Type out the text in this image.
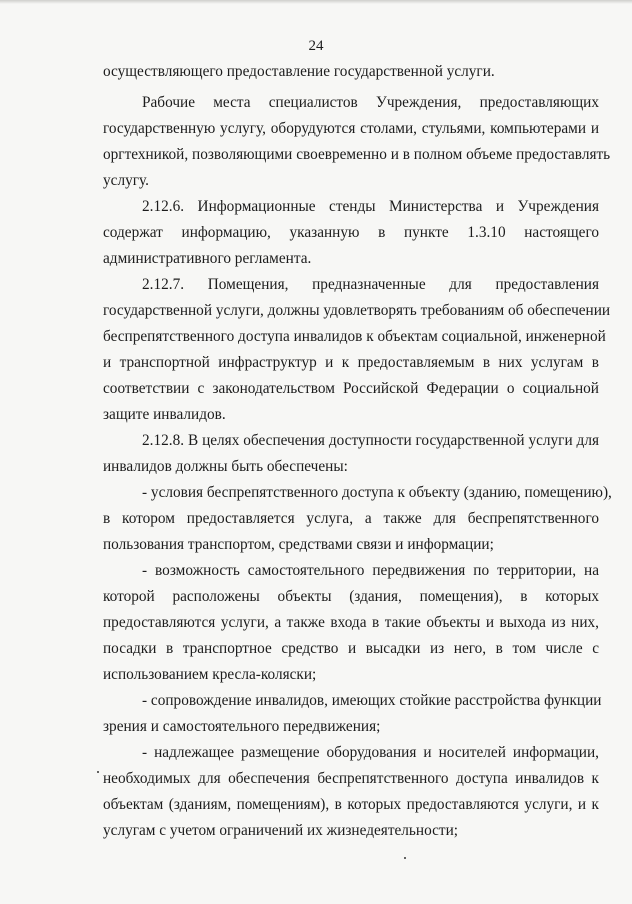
24
осуществляющего предоставление государственной услуги.
Рабочие места специалистов Учреждения, предоставляющих
государственную услугу, оборудуются столами, стульями, компьютерами и
оргтехникой, позволяющими своевременно и в полном объеме предоставлять
услугу.
2.12.6. Информационные стенды Министерства и Учреждения
содержат информацию, указанную в пункте 1.3.10 настоящего
административного регламента.
2.12.7. Помещения, предназначенные для предоставления
государственной услуги, должны удовлетворять требованиям об обеспечении
беспрепятственного доступа инвалидов к объектам социальной, инженерной
и транспортной инфраструктур и к предоставляемым в них услугам в
соответствии с законодательством Российской Федерации о социальной
защите инвалидов.
2.12.8. В целях обеспечения доступности государственной услуги для
инвалидов должны быть обеспечены:
- условия беспрепятственного доступа к объекту (зданию, помещению),
в котором предоставляется услуга, а также для беспрепятственного
пользования транспортом, средствами связи и информации;
- возможность самостоятельного передвижения по территории, на
которой расположены объекты (здания, помещения), в которых
предоставляются услуги, а также входа в такие объекты и выхода из них,
посадки в транспортное средство и высадки из него, в том числе с
использованием кресла-коляски;
- сопровождение инвалидов, имеющих стойкие расстройства функции
зрения и самостоятельного передвижения;
- надлежащее размещение оборудования и носителей информации,
необходимых для обеспечения беспрепятственного доступа инвалидов к
объектам (зданиям, помещениям), в которых предоставляются услуги, и к
услугам с учетом ограничений их жизнедеятельности;
